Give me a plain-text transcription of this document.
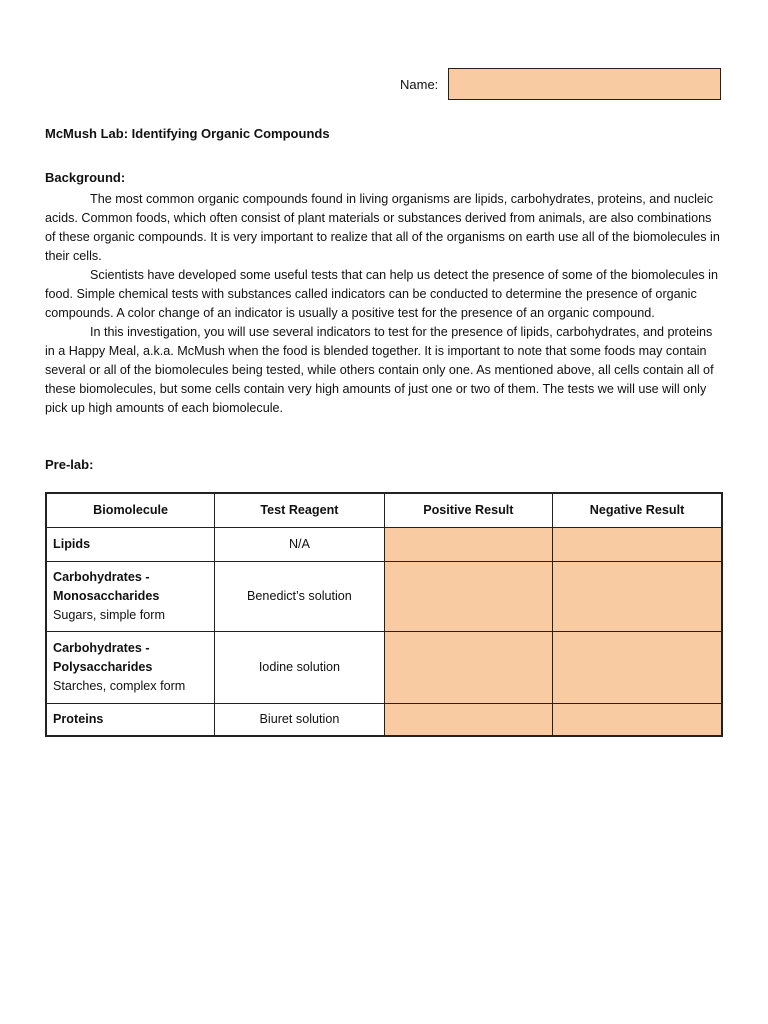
Name:
McMush Lab: Identifying Organic Compounds
Background:

The most common organic compounds found in living organisms are lipids, carbohydrates, proteins, and nucleic acids. Common foods, which often consist of plant materials or substances derived from animals, are also combinations of these organic compounds. It is very important to realize that all of the organisms on earth use all of the biomolecules in their cells.

Scientists have developed some useful tests that can help us detect the presence of some of the biomolecules in food. Simple chemical tests with substances called indicators can be conducted to determine the presence of organic compounds. A color change of an indicator is usually a positive test for the presence of an organic compound.

In this investigation, you will use several indicators to test for the presence of lipids, carbohydrates, and proteins in a Happy Meal, a.k.a. McMush when the food is blended together. It is important to note that some foods may contain several or all of the biomolecules being tested, while others contain only one. As mentioned above, all cells contain all of these biomolecules, but some cells contain very high amounts of just one or two of them. The tests we will use will only pick up high amounts of each biomolecule.

Pre-lab:
Biomolecule	Test Reagent	Positive Result	Negative Result

Lipids	N/A		

Carbohydrates -
Monosaccharides
Sugars, simple form	Benedict’s solution		

Carbohydrates -
Polysaccharides
Starches, complex form	Iodine solution		

Proteins	Biuret solution		
